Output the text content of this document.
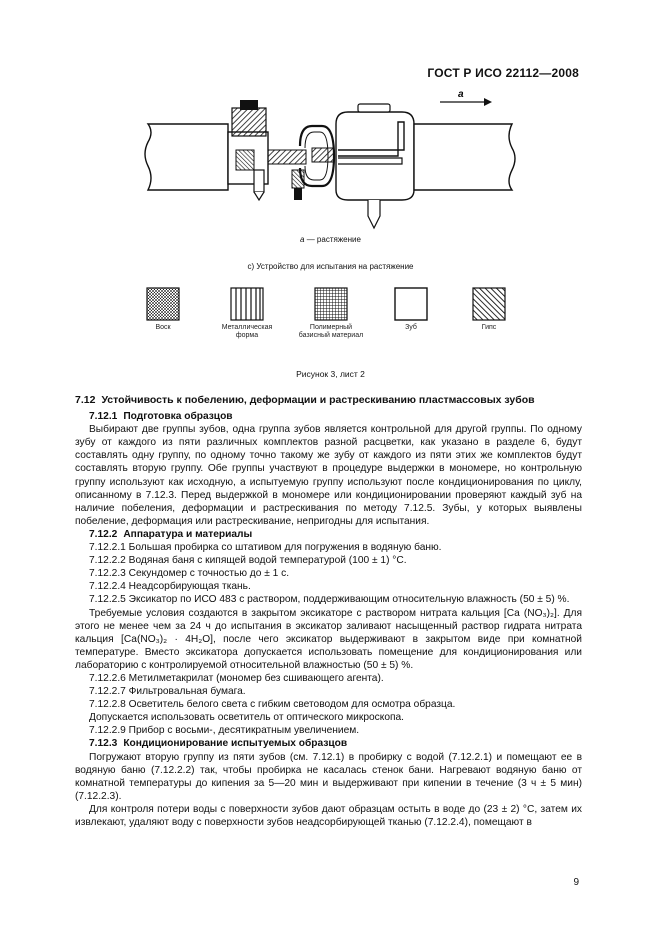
ГОСТ Р ИСО 22112—2008
a
a — растяжение
с) Устройство для испытания на растяжение
Воск	Металлическая форма
Полимерный базисный материал
Зуб	Гипс
Рисунок 3, лист 2

7.12 Устойчивость к побелению, деформации и растрескиванию пластмассовых зубов

7.12.1 Подготовка образцов

Выбирают две группы зубов, одна группа зубов является контрольной для другой группы. По одному зубу от каждого из пяти различных комплектов разной расцветки, как указано в разделе 6, будут составлять одну группу, по одному точно такому же зубу от каждого из пяти этих же комплектов будут составлять вторую группу. Обе группы участвуют в процедуре выдержки в мономере, но контрольную группу используют как исходную, а испытуемую группу используют после кондиционирования по циклу, описанному в 7.12.3. Перед выдержкой в мономере или кондиционировании проверяют каждый зуб на наличие побеления, деформации и растрескивания по методу 7.12.5. Зубы, у которых выявлены побеление, деформация или растрескивание, непригодны для испытания.

7.12.2 Аппаратура и материалы

7.12.2.1 Большая пробирка со штативом для погружения в водяную баню.

7.12.2.2 Водяная баня с кипящей водой температурой (100 ± 1) °С.

7.12.2.3 Секундомер с точностью до ± 1 с.

7.12.2.4 Неадсорбирующая ткань.

7.12.2.5 Эксикатор по ИСО 483 с раствором, поддерживающим относительную влажность (50 ± 5) %.

Требуемые условия создаются в закрытом эксикаторе с раствором нитрата кальция [Са (NO₃)₂]. Для этого не менее чем за 24 ч до испытания в эксикатор заливают насыщенный раствор гидрата нитрата кальция [Са(NO₃)₂ · 4Н₂О], после чего эксикатор выдерживают в закрытом виде при комнатной температуре. Вместо эксикатора допускается использовать помещение для кондиционирования или лабораторию с контролируемой относительной влажностью (50 ± 5) %.

7.12.2.6 Метилметакрилат (мономер без сшивающего агента).

7.12.2.7 Фильтровальная бумага.

7.12.2.8 Осветитель белого света с гибким световодом для осмотра образца.

Допускается использовать осветитель от оптического микроскопа.

7.12.2.9 Прибор с восьми-, десятикратным увеличением.

7.12.3 Кондиционирование испытуемых образцов

Погружают вторую группу из пяти зубов (см. 7.12.1) в пробирку с водой (7.12.2.1) и помещают ее в водяную баню (7.12.2.2) так, чтобы пробирка не касалась стенок бани. Нагревают водяную баню от комнатной температуры до кипения за 5—20 мин и выдерживают при кипении в течение (3 ч ± 5 мин) (7.12.2.3).

Для контроля потери воды с поверхности зубов дают образцам остыть в воде до (23 ± 2) °С, затем их извлекают, удаляют воду с поверхности зубов неадсорбирующей тканью (7.12.2.4), помещают в

9
